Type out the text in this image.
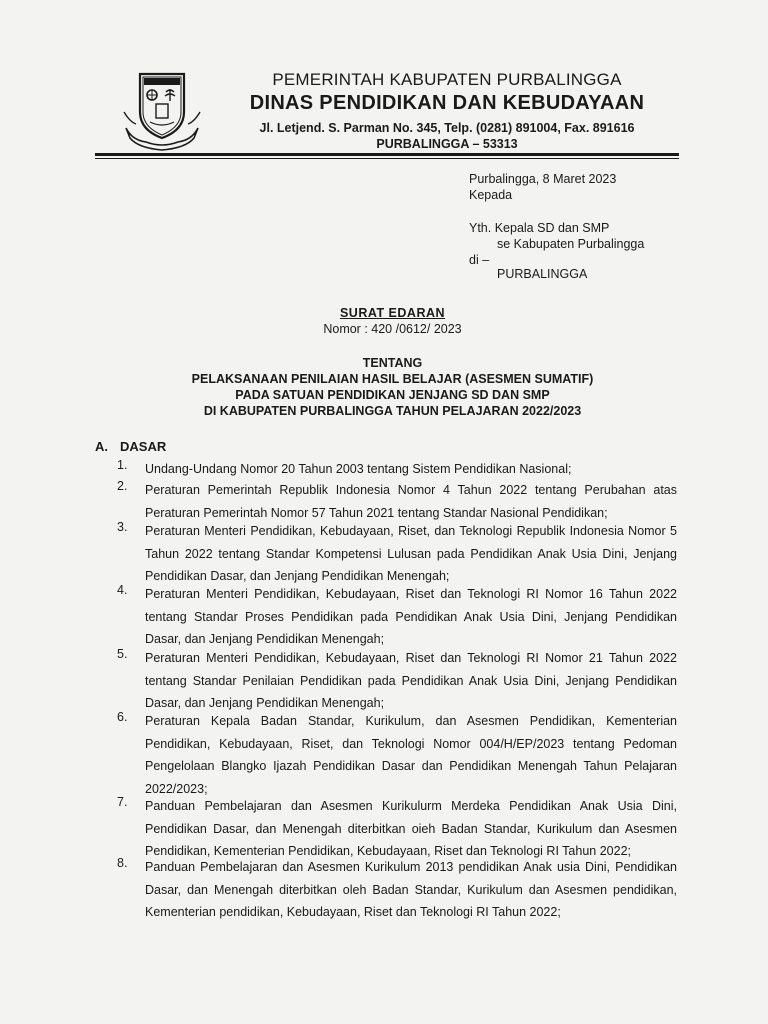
PEMERINTAH KABUPATEN PURBALINGGA
DINAS PENDIDIKAN DAN KEBUDAYAAN
Jl. Letjend. S. Parman No. 345, Telp. (0281) 891004, Fax. 891616
PURBALINGGA – 53313
Purbalingga, 8 Maret 2023
Kepada
Yth. Kepala SD dan SMP
se Kabupaten Purbalingga
di –
PURBALINGGA
SURAT EDARAN
Nomor : 420 /0612/ 2023
TENTANG
PELAKSANAAN PENILAIAN HASIL BELAJAR (ASESMEN SUMATIF)
PADA SATUAN PENDIDIKAN JENJANG SD DAN SMP
DI KABUPATEN PURBALINGGA TAHUN PELAJARAN 2022/2023
A. DASAR
1. Undang-Undang Nomor 20 Tahun 2003 tentang Sistem Pendidikan Nasional;
2. Peraturan Pemerintah Republik Indonesia Nomor 4 Tahun 2022 tentang Perubahan atas Peraturan Pemerintah Nomor 57 Tahun 2021 tentang Standar Nasional Pendidikan;
3. Peraturan Menteri Pendidikan, Kebudayaan, Riset, dan Teknologi Republik Indonesia Nomor 5 Tahun 2022 tentang Standar Kompetensi Lulusan pada Pendidikan Anak Usia Dini, Jenjang Pendidikan Dasar, dan Jenjang Pendidikan Menengah;
4. Peraturan Menteri Pendidikan, Kebudayaan, Riset dan Teknologi RI Nomor 16 Tahun 2022 tentang Standar Proses Pendidikan pada Pendidikan Anak Usia Dini, Jenjang Pendidikan Dasar, dan Jenjang Pendidikan Menengah;
5. Peraturan Menteri Pendidikan, Kebudayaan, Riset dan Teknologi RI Nomor 21 Tahun 2022 tentang Standar Penilaian Pendidikan pada Pendidikan Anak Usia Dini, Jenjang Pendidikan Dasar, dan Jenjang Pendidikan Menengah;
6. Peraturan Kepala Badan Standar, Kurikulum, dan Asesmen Pendidikan, Kementerian Pendidikan, Kebudayaan, Riset, dan Teknologi Nomor 004/H/EP/2023 tentang Pedoman Pengelolaan Blangko Ijazah Pendidikan Dasar dan Pendidikan Menengah Tahun Pelajaran 2022/2023;
7. Panduan Pembelajaran dan Asesmen Kurikulurm Merdeka Pendidikan Anak Usia Dini, Pendidikan Dasar, dan Menengah diterbitkan oieh Badan Standar, Kurikulum dan Asesmen Pendidikan, Kementerian Pendidikan, Kebudayaan, Riset dan Teknologi RI Tahun 2022;
8. Panduan Pembelajaran dan Asesmen Kurikulum 2013 pendidikan Anak usia Dini, Pendidikan Dasar, dan Menengah diterbitkan oleh Badan Standar, Kurikulum dan Asesmen pendidikan, Kementerian pendidikan, Kebudayaan, Riset dan Teknologi RI Tahun 2022;
